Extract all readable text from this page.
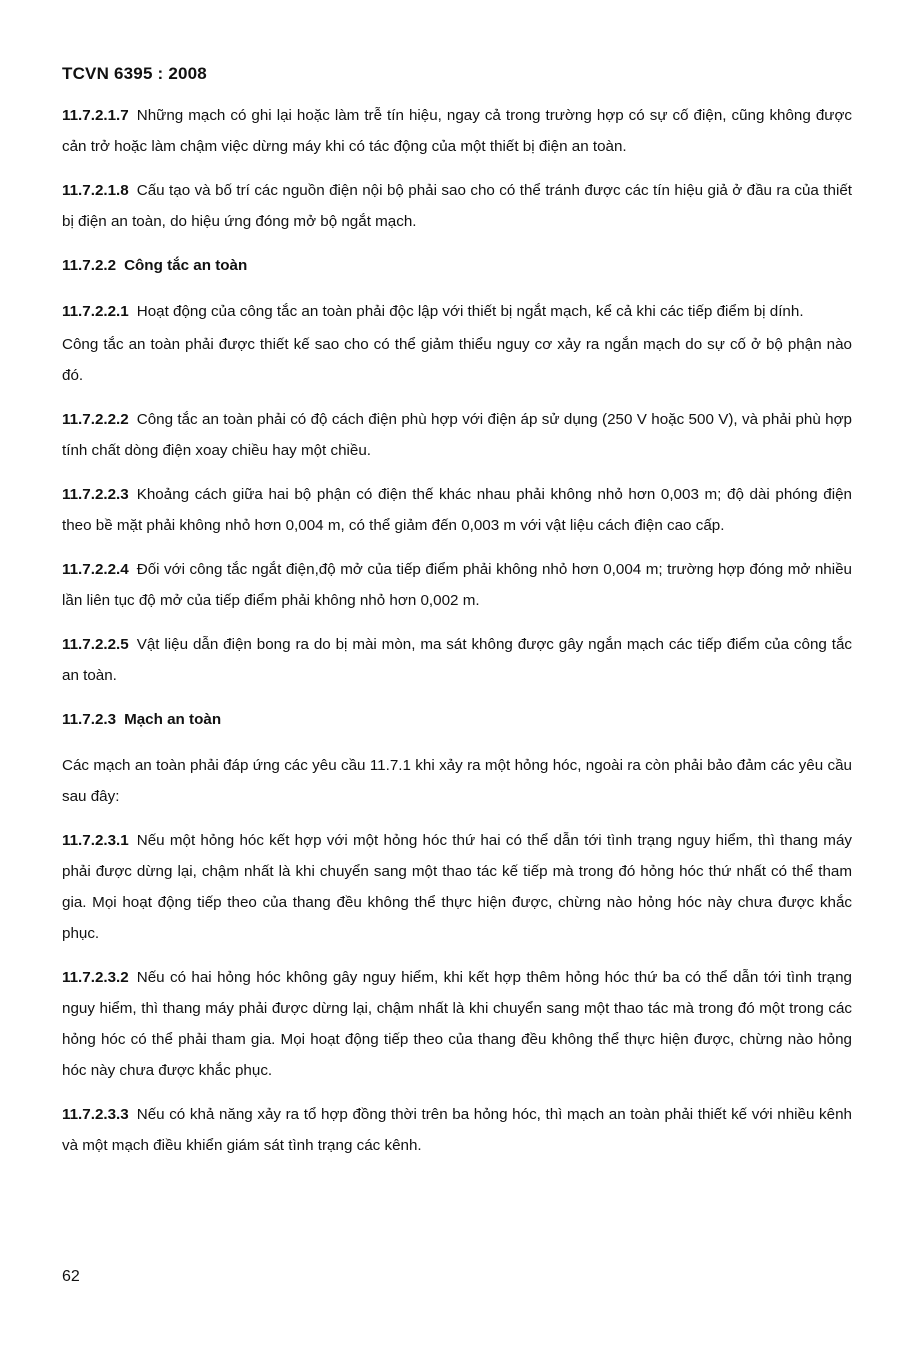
TCVN 6395 : 2008

11.7.2.1.7 Những mạch có ghi lại hoặc làm trễ tín hiệu, ngay cả trong trường hợp có sự cố điện, cũng không được cản trở hoặc làm chậm việc dừng máy khi có tác động của một thiết bị điện an toàn.

11.7.2.1.8 Cấu tạo và bố trí các nguồn điện nội bộ phải sao cho có thể tránh được các tín hiệu giả ở đầu ra của thiết bị điện an toàn, do hiệu ứng đóng mở bộ ngắt mạch.

11.7.2.2 Công tắc an toàn

11.7.2.2.1 Hoạt động của công tắc an toàn phải độc lập với thiết bị ngắt mạch, kể cả khi các tiếp điểm bị dính.

Công tắc an toàn phải được thiết kế sao cho có thể giảm thiểu nguy cơ xảy ra ngắn mạch do sự cố ở bộ phận nào đó.

11.7.2.2.2 Công tắc an toàn phải có độ cách điện phù hợp với điện áp sử dụng (250 V hoặc 500 V), và phải phù hợp tính chất dòng điện xoay chiều hay một chiều.

11.7.2.2.3 Khoảng cách giữa hai bộ phận có điện thế khác nhau phải không nhỏ hơn 0,003 m; độ dài phóng điện theo bề mặt phải không nhỏ hơn 0,004 m, có thể giảm đến 0,003 m với vật liệu cách điện cao cấp.

11.7.2.2.4 Đối với công tắc ngắt điện,độ mở của tiếp điểm phải không nhỏ hơn 0,004 m; trường hợp đóng mở nhiều lần liên tục độ mở của tiếp điểm phải không nhỏ hơn 0,002 m.

11.7.2.2.5 Vật liệu dẫn điện bong ra do bị mài mòn, ma sát không được gây ngắn mạch các tiếp điểm của công tắc an toàn.

11.7.2.3 Mạch an toàn

Các mạch an toàn phải đáp ứng các yêu cầu 11.7.1 khi xảy ra một hỏng hóc, ngoài ra còn phải bảo đảm các yêu cầu sau đây:

11.7.2.3.1 Nếu một hỏng hóc kết hợp với một hỏng hóc thứ hai có thể dẫn tới tình trạng nguy hiểm, thì thang máy phải được dừng lại, chậm nhất là khi chuyển sang một thao tác kế tiếp mà trong đó hỏng hóc thứ nhất có thể tham gia. Mọi hoạt động tiếp theo của thang đều không thể thực hiện được, chừng nào hỏng hóc này chưa được khắc phục.

11.7.2.3.2 Nếu có hai hỏng hóc không gây nguy hiểm, khi kết hợp thêm hỏng hóc thứ ba có thể dẫn tới tình trạng nguy hiểm, thì thang máy phải được dừng lại, chậm nhất là khi chuyển sang một thao tác mà trong đó một trong các hỏng hóc có thể phải tham gia. Mọi hoạt động tiếp theo của thang đều không thể thực hiện được, chừng nào hỏng hóc này chưa được khắc phục.

11.7.2.3.3 Nếu có khả năng xảy ra tổ hợp đồng thời trên ba hỏng hóc, thì mạch an toàn phải thiết kế với nhiều kênh và một mạch điều khiển giám sát tình trạng các kênh.

62
